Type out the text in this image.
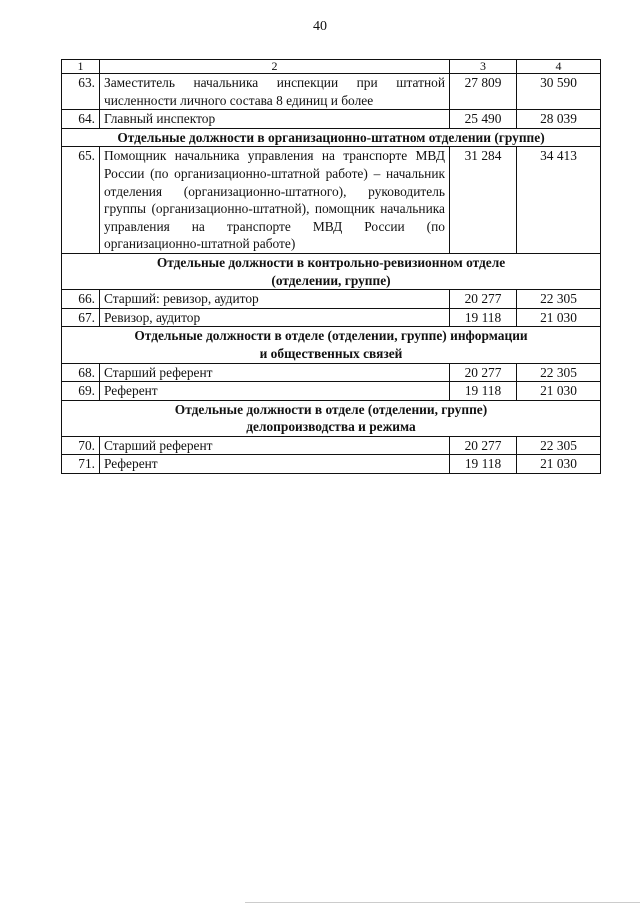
40
1	2	3	4
63.	Заместитель начальника инспекции при штатной численности личного состава 8 единиц и более	27 809	30 590
64.	Главный инспектор	25 490	28 039
Отдельные должности в организационно-штатном отделении (группе)			
65.	Помощник начальника управления на транспорте МВД России (по организационно-штатной работе) – начальник отделения (организационно-штатного), руководитель группы (организационно-штатной), помощник начальника управления на транспорте МВД России (по организационно-штатной работе)	31 284	34 413

Отдельные должности в контрольно-ревизионном отделе
(отделении, группе)			

66.	Старший: ревизор, аудитор	20 277	22 305
67.	Ревизор, аудитор	19 118	21 030

Отдельные должности в отделе (отделении, группе) информации
и общественных связей			

68.	Старший референт	20 277	22 305
69.	Референт	19 118	21 030

Отдельные должности в отделе (отделении, группе)
делопроизводства и режима			

70.	Старший референт	20 277	22 305
71.	Референт	19 118	21 030
